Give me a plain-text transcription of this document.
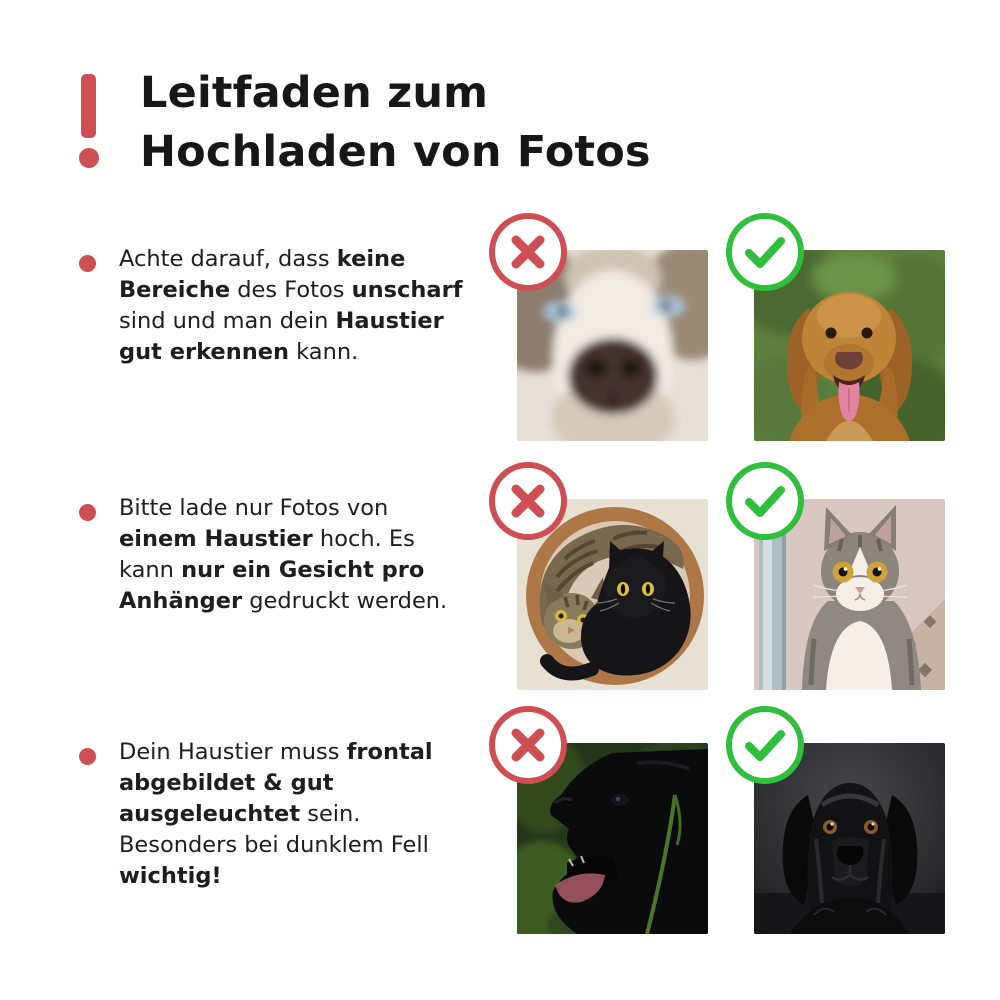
Leitfaden zum
Hochladen von Fotos

Achte darauf, dass keine Bereiche des Fotos unscharf sind und man dein Haustier gut erkennen kann.

Bitte lade nur Fotos von einem Haustier hoch. Es kann nur ein Gesicht pro Anhänger gedruckt werden.

Dein Haustier muss frontal abgebildet & gut ausgeleuchtet sein. Besonders bei dunklem Fell wichtig!
